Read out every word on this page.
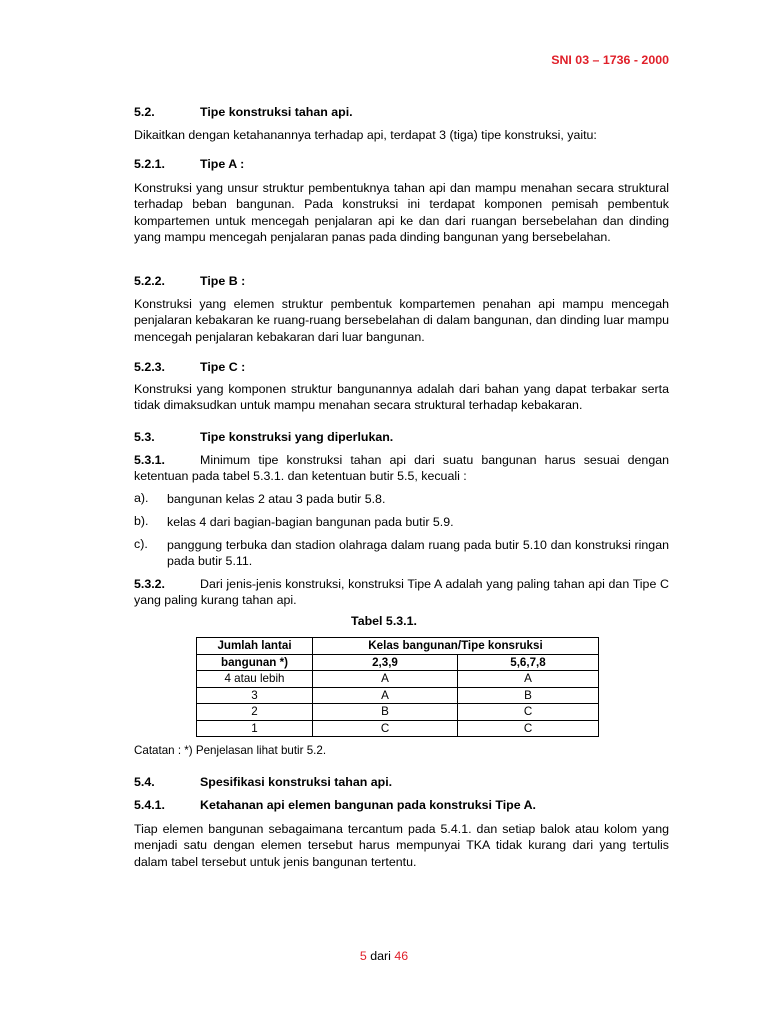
SNI 03 – 1736 - 2000
5.2.	Tipe konstruksi tahan api.

Dikaitkan dengan ketahanannya terhadap api, terdapat 3 (tiga) tipe konstruksi, yaitu:

5.2.1.	Tipe A :

Konstruksi yang unsur struktur pembentuknya tahan api dan mampu menahan secara struktural terhadap beban bangunan. Pada konstruksi ini terdapat komponen pemisah pembentuk kompartemen untuk mencegah penjalaran api ke dan dari ruangan bersebelahan dan dinding yang mampu mencegah penjalaran panas pada dinding bangunan yang bersebelahan.

5.2.2.	Tipe B :

Konstruksi yang elemen struktur pembentuk kompartemen penahan api mampu mencegah penjalaran kebakaran ke ruang-ruang bersebelahan di dalam bangunan, dan dinding luar mampu mencegah penjalaran kebakaran dari luar bangunan.

5.2.3.	Tipe C :

Konstruksi yang komponen struktur bangunannya adalah dari bahan yang dapat terbakar serta tidak dimaksudkan untuk mampu menahan secara struktural terhadap kebakaran.

5.3.	Tipe konstruksi yang diperlukan.

5.3.1.	Minimum tipe konstruksi tahan api dari suatu bangunan harus sesuai dengan ketentuan pada tabel 5.3.1. dan ketentuan butir 5.5, kecuali :

a). bangunan kelas 2 atau 3 pada butir 5.8.

b). kelas 4 dari bagian-bagian bangunan pada butir 5.9.

c). panggung terbuka dan stadion olahraga dalam ruang pada butir 5.10 dan konstruksi ringan pada butir 5.11.

5.3.2.	Dari jenis-jenis konstruksi, konstruksi Tipe A adalah yang paling tahan api dan Tipe C yang paling kurang tahan api.

Tabel 5.3.1.
Jumlah lantai	Kelas bangunan/Tipe konsruksi	
bangunan *)	2,3,9	5,6,7,8
4 atau lebih	A	A
3	A	B
2	B	C
1	C	C
Catatan : *) Penjelasan lihat butir 5.2.
5.4.	Spesifikasi konstruksi tahan api.
5.4.1.	Ketahanan api elemen bangunan pada konstruksi Tipe A.

Tiap elemen bangunan sebagaimana tercantum pada 5.4.1. dan setiap balok atau kolom yang menjadi satu dengan elemen tersebut harus mempunyai TKA tidak kurang dari yang tertulis dalam tabel tersebut untuk jenis bangunan tertentu.

5 dari 46
